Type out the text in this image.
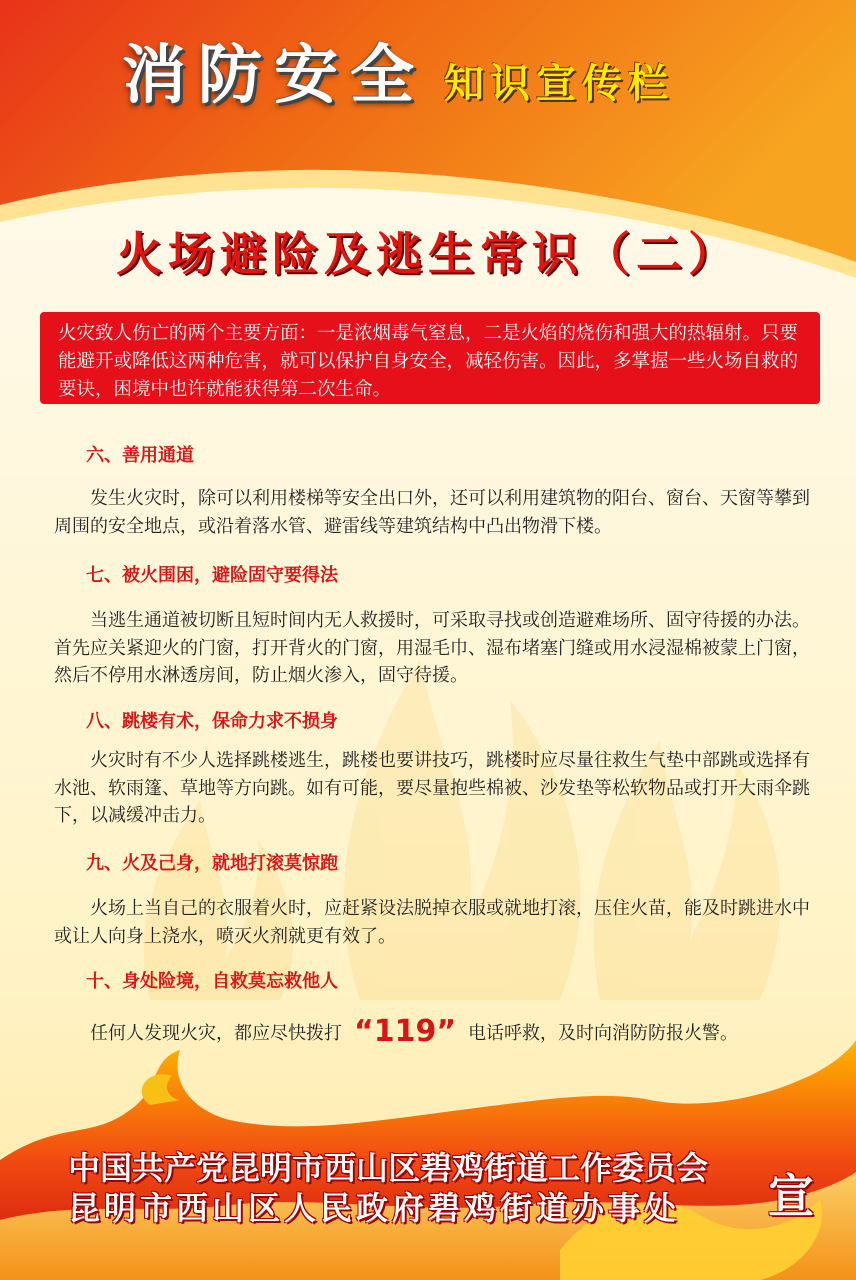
消防安全 知识宣传栏
火场避险及逃生常识（二）

火灾致人伤亡的两个主要方面：一是浓烟毒气窒息，二是火焰的烧伤和强大的热辐射。只要能避开或降低这两种危害，就可以保护自身安全，减轻伤害。因此，多掌握一些火场自救的要诀，困境中也许就能获得第二次生命。

六、善用通道

发生火灾时，除可以利用楼梯等安全出口外，还可以利用建筑物的阳台、窗台、天窗等攀到周围的安全地点，或沿着落水管、避雷线等建筑结构中凸出物滑下楼。

七、被火围困，避险固守要得法

当逃生通道被切断且短时间内无人救援时，可采取寻找或创造避难场所、固守待援的办法。首先应关紧迎火的门窗，打开背火的门窗，用湿毛巾、湿布堵塞门缝或用水浸湿棉被蒙上门窗，然后不停用水淋透房间，防止烟火渗入，固守待援。

八、跳楼有术，保命力求不损身

火灾时有不少人选择跳楼逃生，跳楼也要讲技巧，跳楼时应尽量往救生气垫中部跳或选择有水池、软雨篷、草地等方向跳。如有可能，要尽量抱些棉被、沙发垫等松软物品或打开大雨伞跳下，以减缓冲击力。

九、火及己身，就地打滚莫惊跑

火场上当自己的衣服着火时，应赶紧设法脱掉衣服或就地打滚，压住火苗，能及时跳进水中或让人向身上浇水，喷灭火剂就更有效了。

十、身处险境，自救莫忘救他人

任何人发现火灾，都应尽快拨打 “119” 电话呼救，及时向消防防报火警。

中国共产党昆明市西山区碧鸡街道工作委员会

昆明市西山区人民政府碧鸡街道办事处	宣
